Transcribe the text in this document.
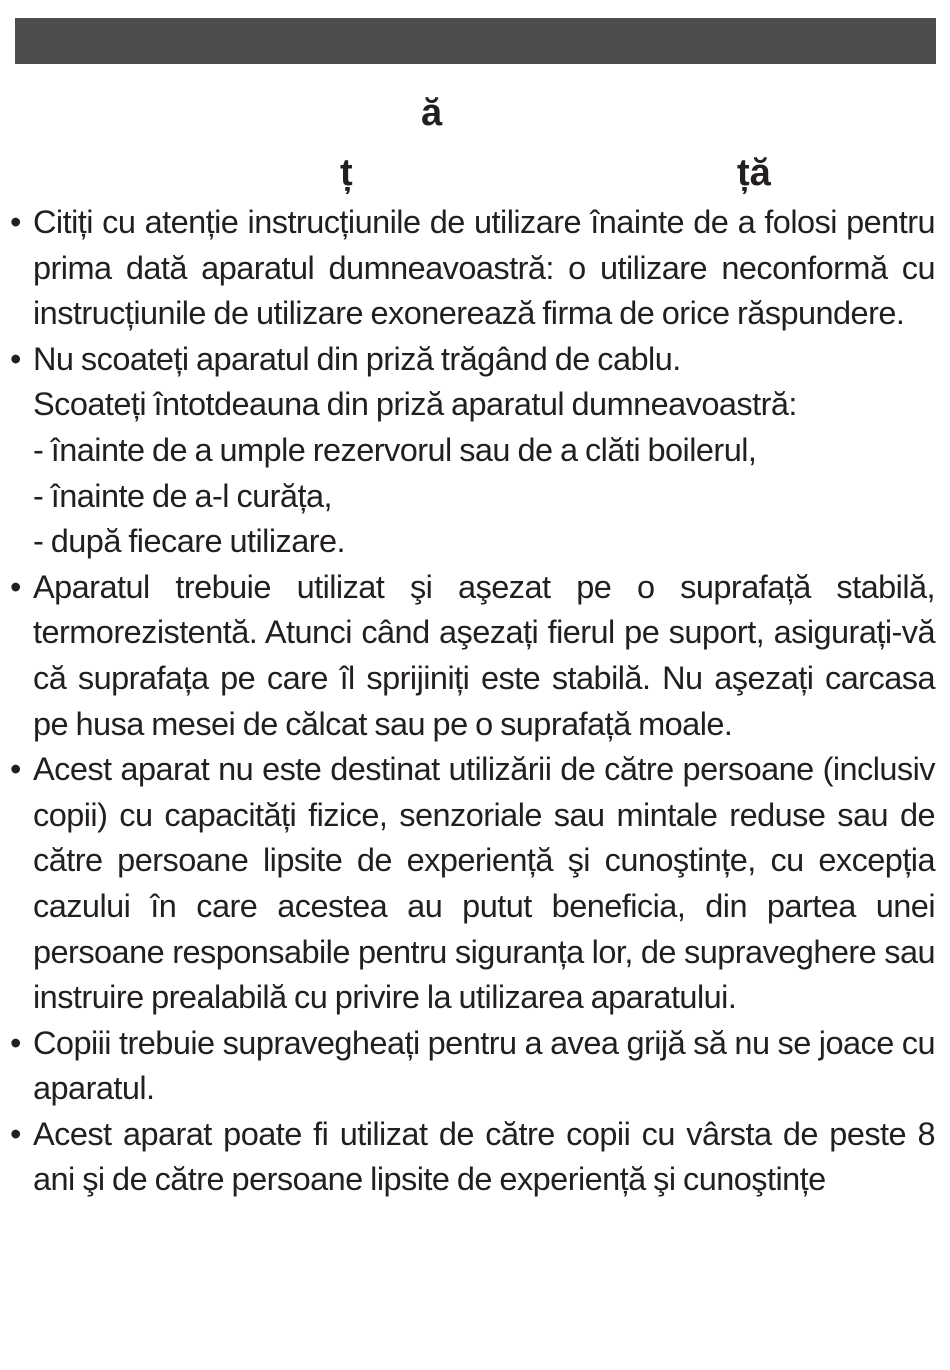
ă
ț	ță
• Citiți cu atenție instrucțiunile de utilizare înainte de a folosi pentru prima dată aparatul dumneavoastră: o utilizare neconformă cu instrucțiunile de utilizare exonerează firma de orice răspundere.
• Nu scoateți aparatul din priză trăgând de cablu.
Scoateți întotdeauna din priză aparatul dumneavoastră:
- înainte de a umple rezervorul sau de a clăti boilerul,
- înainte de a-l curăța,
- după fiecare utilizare.
• Aparatul trebuie utilizat şi aşezat pe o suprafață stabilă, termorezistentă. Atunci când aşezați fierul pe suport, asigurați-vă că suprafața pe care îl sprijiniți este stabilă. Nu aşezați carcasa pe husa mesei de călcat sau pe o suprafață moale.
• Acest aparat nu este destinat utilizării de către persoane (inclusiv copii) cu capacități fizice, senzoriale sau mintale reduse sau de către persoane lipsite de experiență şi cunoştințe, cu excepția cazului în care acestea au putut beneficia, din partea unei persoane responsabile pentru siguranța lor, de supraveghere sau instruire prealabilă cu privire la utilizarea aparatului.
• Copiii trebuie supravegheați pentru a avea grijă să nu se joace cu aparatul.
• Acest aparat poate fi utilizat de către copii cu vârsta de peste 8 ani şi de către persoane lipsite de experiență şi cunoştințe
